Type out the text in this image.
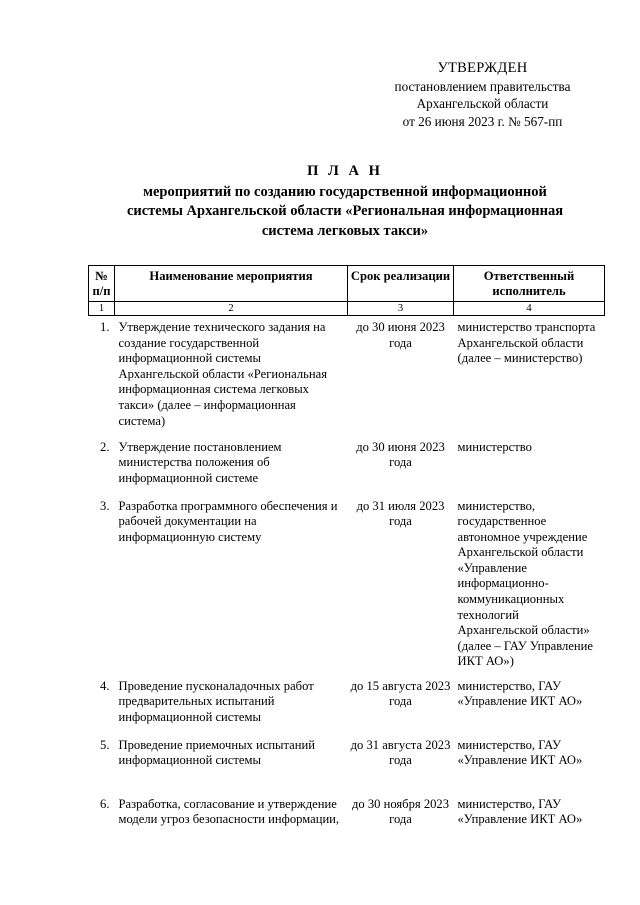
УТВЕРЖДЕН
постановлением правительства
Архангельской области
от 26 июня 2023 г. № 567-пп
П Л А Н
мероприятий по созданию государственной информационной
системы Архангельской области «Региональная информационная
система легковых такси»
№ п/п	Наименование мероприятия	Срок реализации	Ответственный исполнитель
1	2	3	4
1.	Утверждение технического задания на создание государственной информационной системы Архангельской области «Региональная информационная система легковых такси» (далее – информационная система)	до 30 июня 2023 года	министерство транспорта Архангельской области (далее – министерство)
2.	Утверждение постановлением министерства положения об информационной системе	до 30 июня 2023 года	министерство
3.	Разработка программного обеспечения и рабочей документации на информационную систему	до 31 июля 2023 года	министерство, государственное автономное учреждение Архангельской области «Управление информационно-коммуникационных технологий Архангельской области» (далее – ГАУ Управление ИКТ АО»)
4.	Проведение пусконаладочных работ предварительных испытаний информационной системы	до 15 августа 2023 года	министерство, ГАУ «Управление ИКТ АО»
5.	Проведение приемочных испытаний информационной системы	до 31 августа 2023 года	министерство, ГАУ «Управление ИКТ АО»
6.	Разработка, согласование и утверждение модели угроз безопасности информации,	до 30 ноября 2023 года	министерство, ГАУ «Управление ИКТ АО»
